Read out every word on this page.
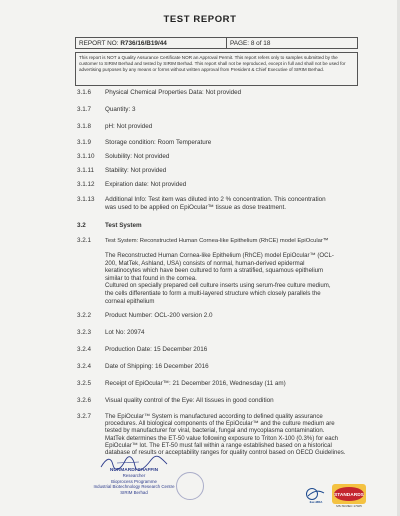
TEST REPORT
REPORT NO: R736/16/B19/44	PAGE: 8 of 18
This report is NOT a Quality Assurance Certificate NOR an Approval Permit. This report refers only to samples submitted by the customer to SIRIM Berhad and tested by SIRIM Berhad. This report shall not be reproduced, except in full and shall not be used for advertising purposes by any means or forms without written approval from President & Chief Executive of SIRIM Berhad.
3.1.6	Physical Chemical Properties Data: Not provided
3.1.7	Quantity: 3
3.1.8	pH: Not provided
3.1.9	Storage condition: Room Temperature
3.1.10	Solubility: Not provided
3.1.11	Stability: Not provided
3.1.12	Expiration date: Not provided
3.1.13	Additional Info: Test item was diluted into 2 % concentration. This concentration
was used to be applied on EpiOcular™ tissue as dose treatment.
3.2	Test System
3.2.1	Test System: Reconstructed Human Cornea-like Epithelium (RhCE) model EpiOcular™
The Reconstructed Human Cornea-like Epithelium (RhCE) model EpiOcular™ (OCL-
200, MatTek, Ashland, USA) consists of normal, human-derived epidermal
keratinocytes which have been cultured to form a stratified, squamous epithelium
similar to that found in the cornea.
Cultured on specially prepared cell culture inserts using serum-free culture medium,
the cells differentiate to form a multi-layered structure which closely parallels the
corneal epithelium
3.2.2	Product Number: OCL-200 version 2.0
3.2.3	Lot No: 20974
3.2.4	Production Date: 15 December 2016
3.2.4	Date of Shipping: 16 December 2016
3.2.5	Receipt of EpiOcular™: 21 December 2016, Wednesday (11 am)
3.2.6	Visual quality control of the Eye: All tissues in good condition
3.2.7	The EpiOcular™ System is manufactured according to defined quality assurance
procedures. All biological components of the EpiOcular™ and the culture medium are
tested by manufacturer for viral, bacterial, fungal and mycoplasma contamination.
MatTek determines the ET-50 value following exposure to Triton X-100 (0.3%) for each
EpiOcular™ lot. The ET-50 must fall within a range established based on a historical
database of results or acceptability ranges for quality control based on OECD Guidelines.
NURMARDI SHAFFIN
Researcher
Bioprocess Programme
Industrial Biotechnology Research Centre
SIRIM Berhad
ilac-MRA
STANDARDS
MS ISO/IEC 17025
